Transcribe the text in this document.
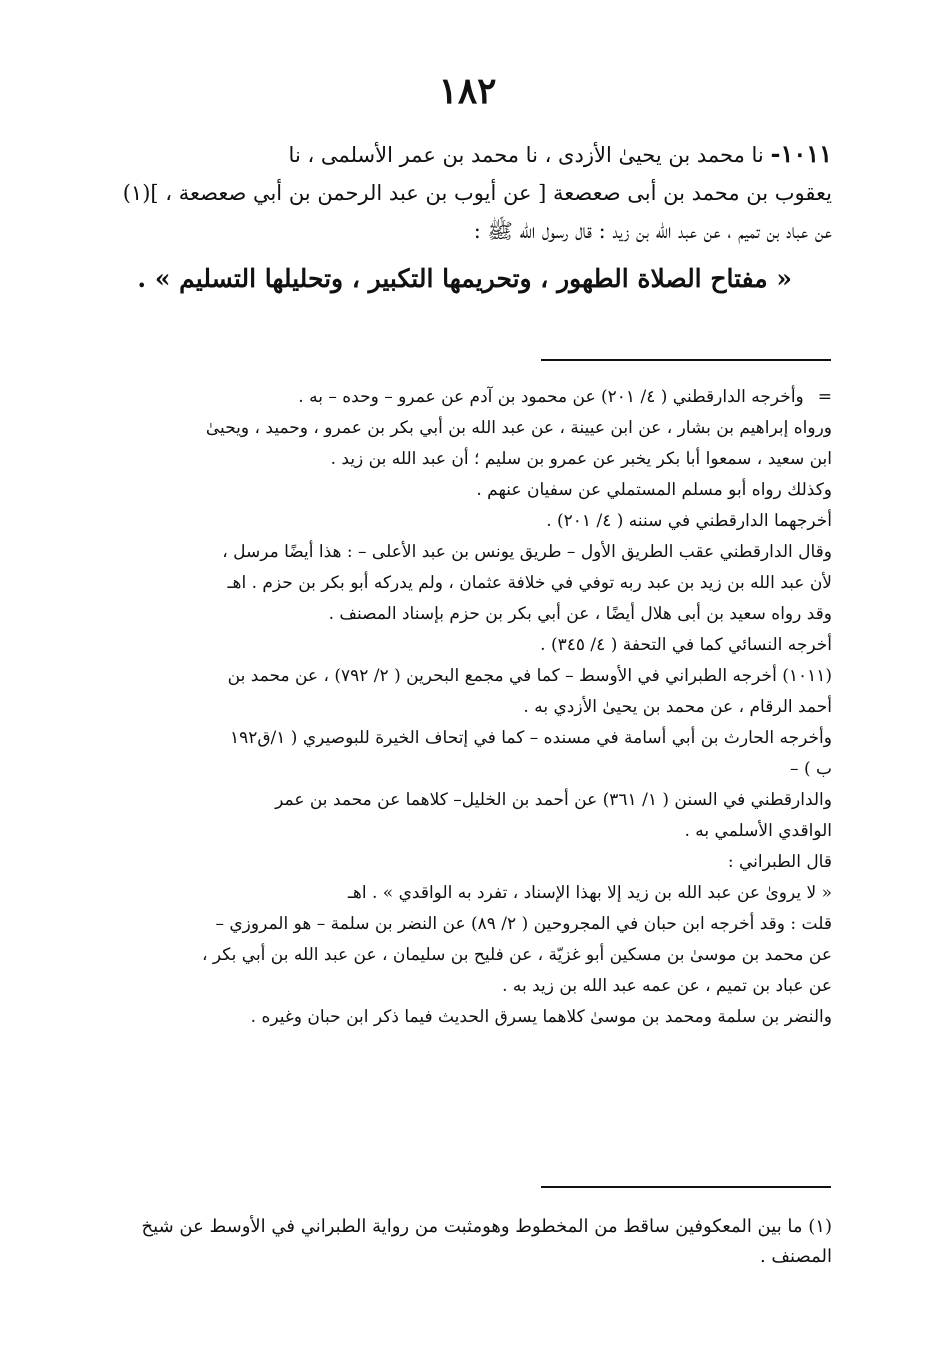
١٨٢
١٠١١- نا محمد بن يحيىٰ الأزدى ، نا محمد بن عمر الأسلمى ، نا
يعقوب بن محمد بن أبى صعصعة [ عن أيوب بن عبد الرحمن بن أبي صعصعة ، ](١)
عن عباد بن تميم ، عن عبد الله بن زيد : قال رسول الله ﷺ :
« مفتاح الصلاة الطهور ، وتحريمها التكبير ، وتحليلها التسليم » .
=وأخرجه الدارقطني ( ٤/ ٢٠١) عن محمود بن آدم عن عمرو – وحده – به .
ورواه إبراهيم بن بشار ، عن ابن عيينة ، عن عبد الله بن أبي بكر بن عمرو ، وحميد ، ويحيىٰ
ابن سعيد ، سمعوا أبا بكر يخبر عن عمرو بن سليم ؛ أن عبد الله بن زيد .
وكذلك رواه أبو مسلم المستملي عن سفيان عنهم .
أخرجهما الدارقطني في سننه ( ٤/ ٢٠١) .
وقال الدارقطني عقب الطريق الأول – طريق يونس بن عبد الأعلى – : هذا أيضًا مرسل ،
لأن عبد الله بن زيد بن عبد ربه توفي في خلافة عثمان ، ولم يدركه أبو بكر بن حزم . اهـ
وقد رواه سعيد بن أبى هلال أيضًا ، عن أبي بكر بن حزم بإسناد المصنف .
أخرجه النسائي كما في التحفة ( ٤/ ٣٤٥) .
(١٠١١) أخرجه الطبراني في الأوسط – كما في مجمع البحرين ( ٢/ ٧٩٢) ، عن محمد بن
أحمد الرقام ، عن محمد بن يحيىٰ الأزدي به .
وأخرجه الحارث بن أبي أسامة في مسنده – كما في إتحاف الخيرة للبوصيري ( ١/ق١٩٢
ب ) –
والدارقطني في السنن ( ١/ ٣٦١) عن أحمد بن الخليل– كلاهما عن محمد بن عمر
الواقدي الأسلمي به .
قال الطبراني :
« لا يروىٰ عن عبد الله بن زيد إلا بهذا الإسناد ، تفرد به الواقدي » . اهـ
قلت : وقد أخرجه ابن حبان في المجروحين ( ٢/ ٨٩) عن النضر بن سلمة – هو المروزي –
عن محمد بن موسىٰ بن مسكين أبو غزيّة ، عن فليح بن سليمان ، عن عبد الله بن أبي بكر ،
عن عباد بن تميم ، عن عمه عبد الله بن زيد به .
والنضر بن سلمة ومحمد بن موسىٰ كلاهما يسرق الحديث فيما ذكر ابن حبان وغيره .
(١) ما بين المعكوفين ساقط من المخطوط وهومثبت من رواية الطبراني في الأوسط عن شيخ
المصنف .
